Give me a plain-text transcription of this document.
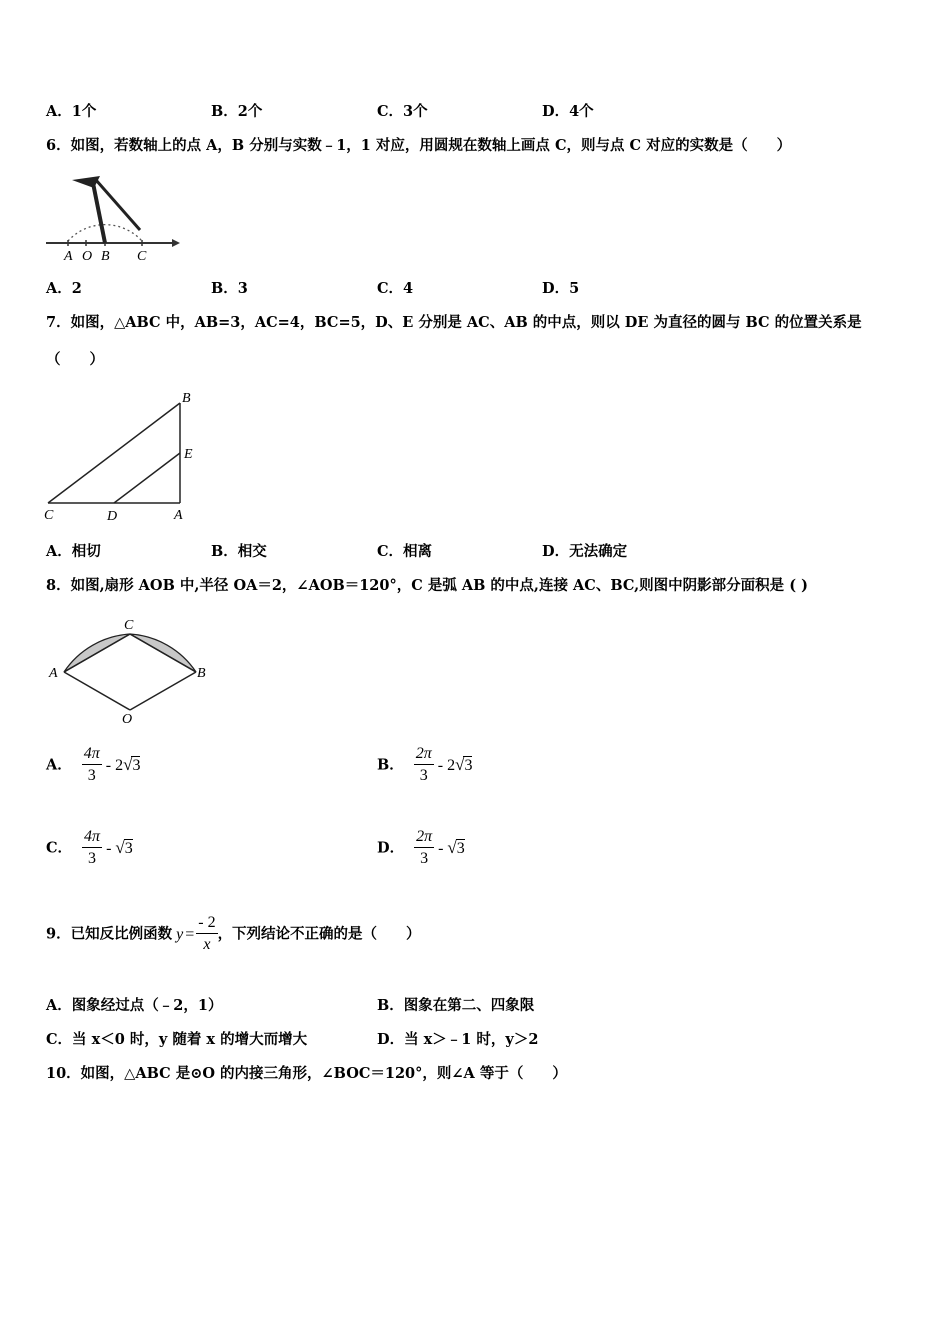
A．1个	B．2个	C．3个	D．4个
6．如图，若数轴上的点 A，B 分别与实数﹣1，1 对应，用圆规在数轴上画点 C，则与点 C 对应的实数是（　　）
A O B C
A．2	B．3	C．4	D．5
7．如图，△ABC 中，AB=3，AC=4，BC=5，D、E 分别是 AC、AB 的中点，则以 DE 为直径的圆与 BC 的位置关系是
（　　）
B
E
C	D	A
A．相切	B．相交	C．相离	D．无法确定
8．如图,扇形 AOB 中,半径 OA＝2，∠AOB＝120°，C 是弧 AB 的中点,连接 AC、BC,则图中阴影部分面积是 ( )
C
A	B
O
A． $\frac{4\pi}{3} - 2√3$	B． $\frac{2\pi}{3} - 2√3$
C． $\frac{4\pi}{3} - √3$	D． $\frac{2\pi}{3} - √3$
9．已知反比例函数 $y = \frac{- 2}{x}$ ，下列结论不正确的是（　　）
A．图象经过点（﹣2，1）	B．图象在第二、四象限
C．当 x＜0 时，y 随着 x 的增大而增大	D．当 x＞﹣1 时，y＞2
10．如图，△ABC 是⊙O 的内接三角形，∠BOC＝120°，则∠A 等于（　　）
